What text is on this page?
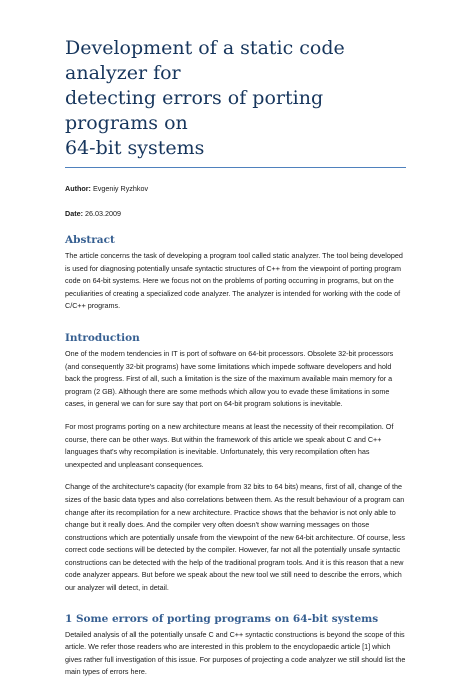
Development of a static code analyzer for
detecting errors of porting programs on
64-bit systems

Author: Evgeniy Ryzhkov

Date: 26.03.2009

Abstract

The article concerns the task of developing a program tool called static analyzer. The tool being developed is used for diagnosing potentially unsafe syntactic structures of C++ from the viewpoint of porting program code on 64-bit systems. Here we focus not on the problems of porting occurring in programs, but on the peculiarities of creating a specialized code analyzer. The analyzer is intended for working with the code of C/C++ programs.

Introduction

One of the modern tendencies in IT is port of software on 64-bit processors. Obsolete 32-bit processors (and consequently 32-bit programs) have some limitations which impede software developers and hold back the progress. First of all, such a limitation is the size of the maximum available main memory for a program (2 GB). Although there are some methods which allow you to evade these limitations in some cases, in general we can for sure say that port on 64-bit program solutions is inevitable.

For most programs porting on a new architecture means at least the necessity of their recompilation. Of course, there can be other ways. But within the framework of this article we speak about C and C++ languages that's why recompilation is inevitable. Unfortunately, this very recompilation often has unexpected and unpleasant consequences.

Change of the architecture's capacity (for example from 32 bits to 64 bits) means, first of all, change of the sizes of the basic data types and also correlations between them. As the result behaviour of a program can change after its recompilation for a new architecture. Practice shows that the behavior is not only able to change but it really does. And the compiler very often doesn't show warning messages on those constructions which are potentially unsafe from the viewpoint of the new 64-bit architecture. Of course, less correct code sections will be detected by the compiler. However, far not all the potentially unsafe syntactic constructions can be detected with the help of the traditional program tools. And it is this reason that a new code analyzer appears. But before we speak about the new tool we still need to describe the errors, which our analyzer will detect, in detail.

1 Some errors of porting programs on 64-bit systems

Detailed analysis of all the potentially unsafe C and C++ syntactic constructions is beyond the scope of this article. We refer those readers who are interested in this problem to the encyclopaedic article [1] which gives rather full investigation of this issue. For purposes of projecting a code analyzer we still should list the main types of errors here.
